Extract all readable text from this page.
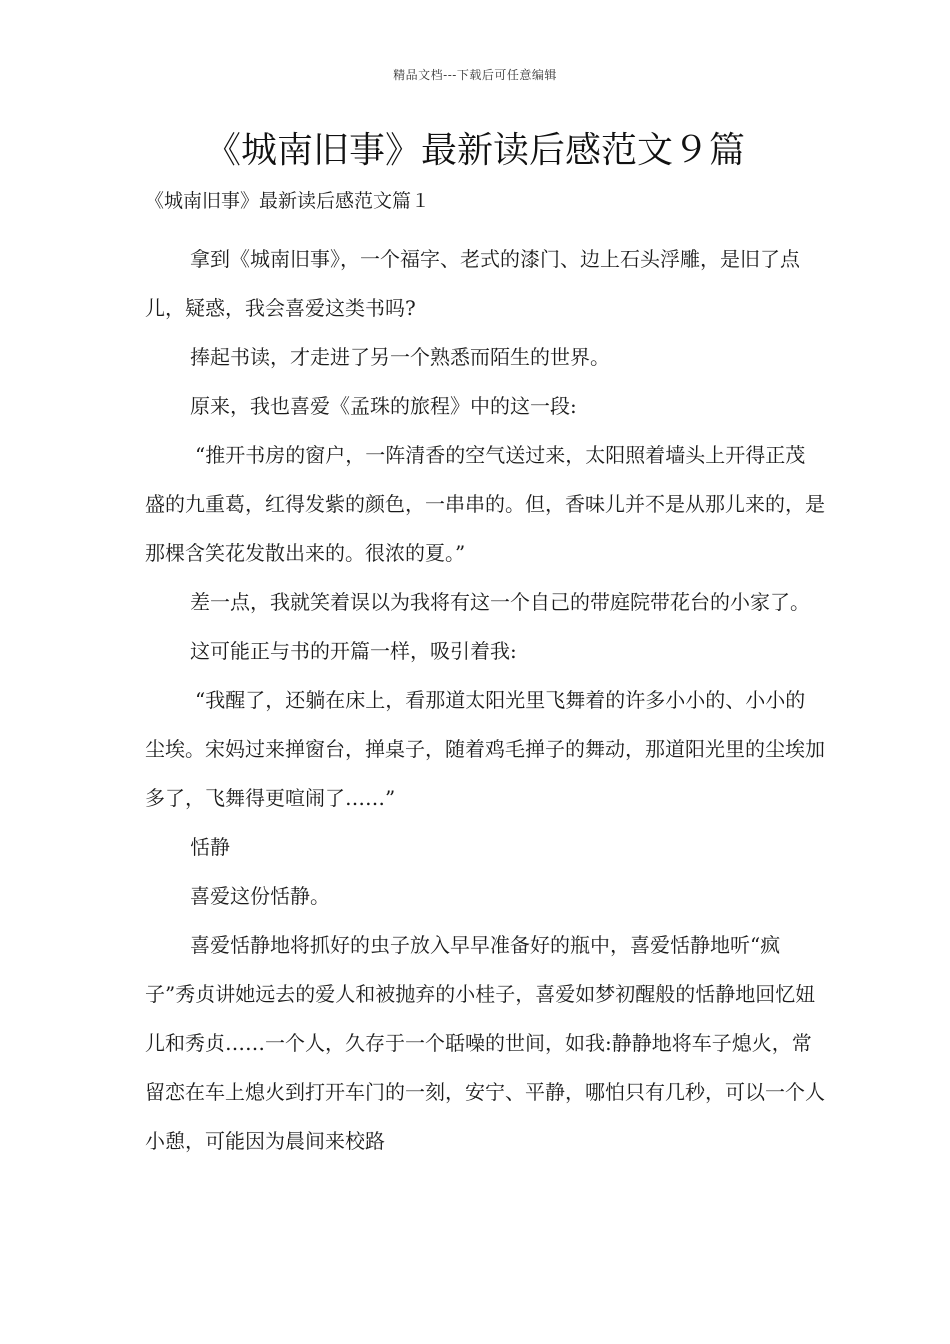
精品文档---下载后可任意编辑
《城南旧事》最新读后感范文９篇
《城南旧事》最新读后感范文篇１

拿到《城南旧事》，一个福字、老式的漆门、边上石头浮雕，是旧了点儿，疑惑，我会喜爱这类书吗?

捧起书读，才走进了另一个熟悉而陌生的世界。

原来，我也喜爱《孟珠的旅程》中的这一段:

“推开书房的窗户，一阵清香的空气送过来，太阳照着墙头上开得正茂盛的九重葛，红得发紫的颜色，一串串的。但，香味儿并不是从那儿来的，是那棵含笑花发散出来的。很浓的夏。”

差一点，我就笑着误以为我将有这一个自己的带庭院带花台的小家了。

这可能正与书的开篇一样，吸引着我:

“我醒了，还躺在床上，看那道太阳光里飞舞着的许多小小的、小小的尘埃。宋妈过来掸窗台，掸桌子，随着鸡毛掸子的舞动，那道阳光里的尘埃加多了，飞舞得更喧闹了……”

恬静

喜爱这份恬静。

喜爱恬静地将抓好的虫子放入早早准备好的瓶中，喜爱恬静地听“疯子”秀贞讲她远去的爱人和被抛弃的小桂子，喜爱如梦初醒般的恬静地回忆妞儿和秀贞……一个人，久存于一个聒噪的世间，如我:静静地将车子熄火，常留恋在车上熄火到打开车门的一刻，安宁、平静，哪怕只有几秒，可以一个人小憩，可能因为晨间来校路
